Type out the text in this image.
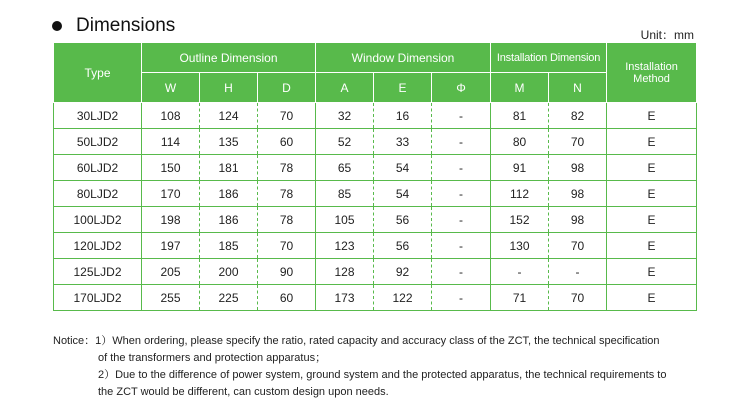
Dimensions	Unit：mm
Type	Outline Dimension			Window Dimension			Installation Dimension		Installation Method
	W	H	D	A	E	Φ	M	N	
30LJD2	108	124	70	32	16	-	81	82	E
50LJD2	114	135	60	52	33	-	80	70	E
60LJD2	150	181	78	65	54	-	91	98	E
80LJD2	170	186	78	85	54	-	112	98	E
100LJD2	198	186	78	105	56	-	152	98	E
120LJD2	197	185	70	123	56	-	130	70	E
125LJD2	205	200	90	128	92	-	-	-	E
170LJD2	255	225	60	173	122	-	71	70	E
Notice：1）When ordering, please specify the ratio, rated capacity and accuracy class of the ZCT, the technical specification
of the transformers and protection apparatus；
2）Due to the difference of power system, ground system and the protected apparatus, the technical requirements to
the ZCT would be different, can custom design upon needs.
